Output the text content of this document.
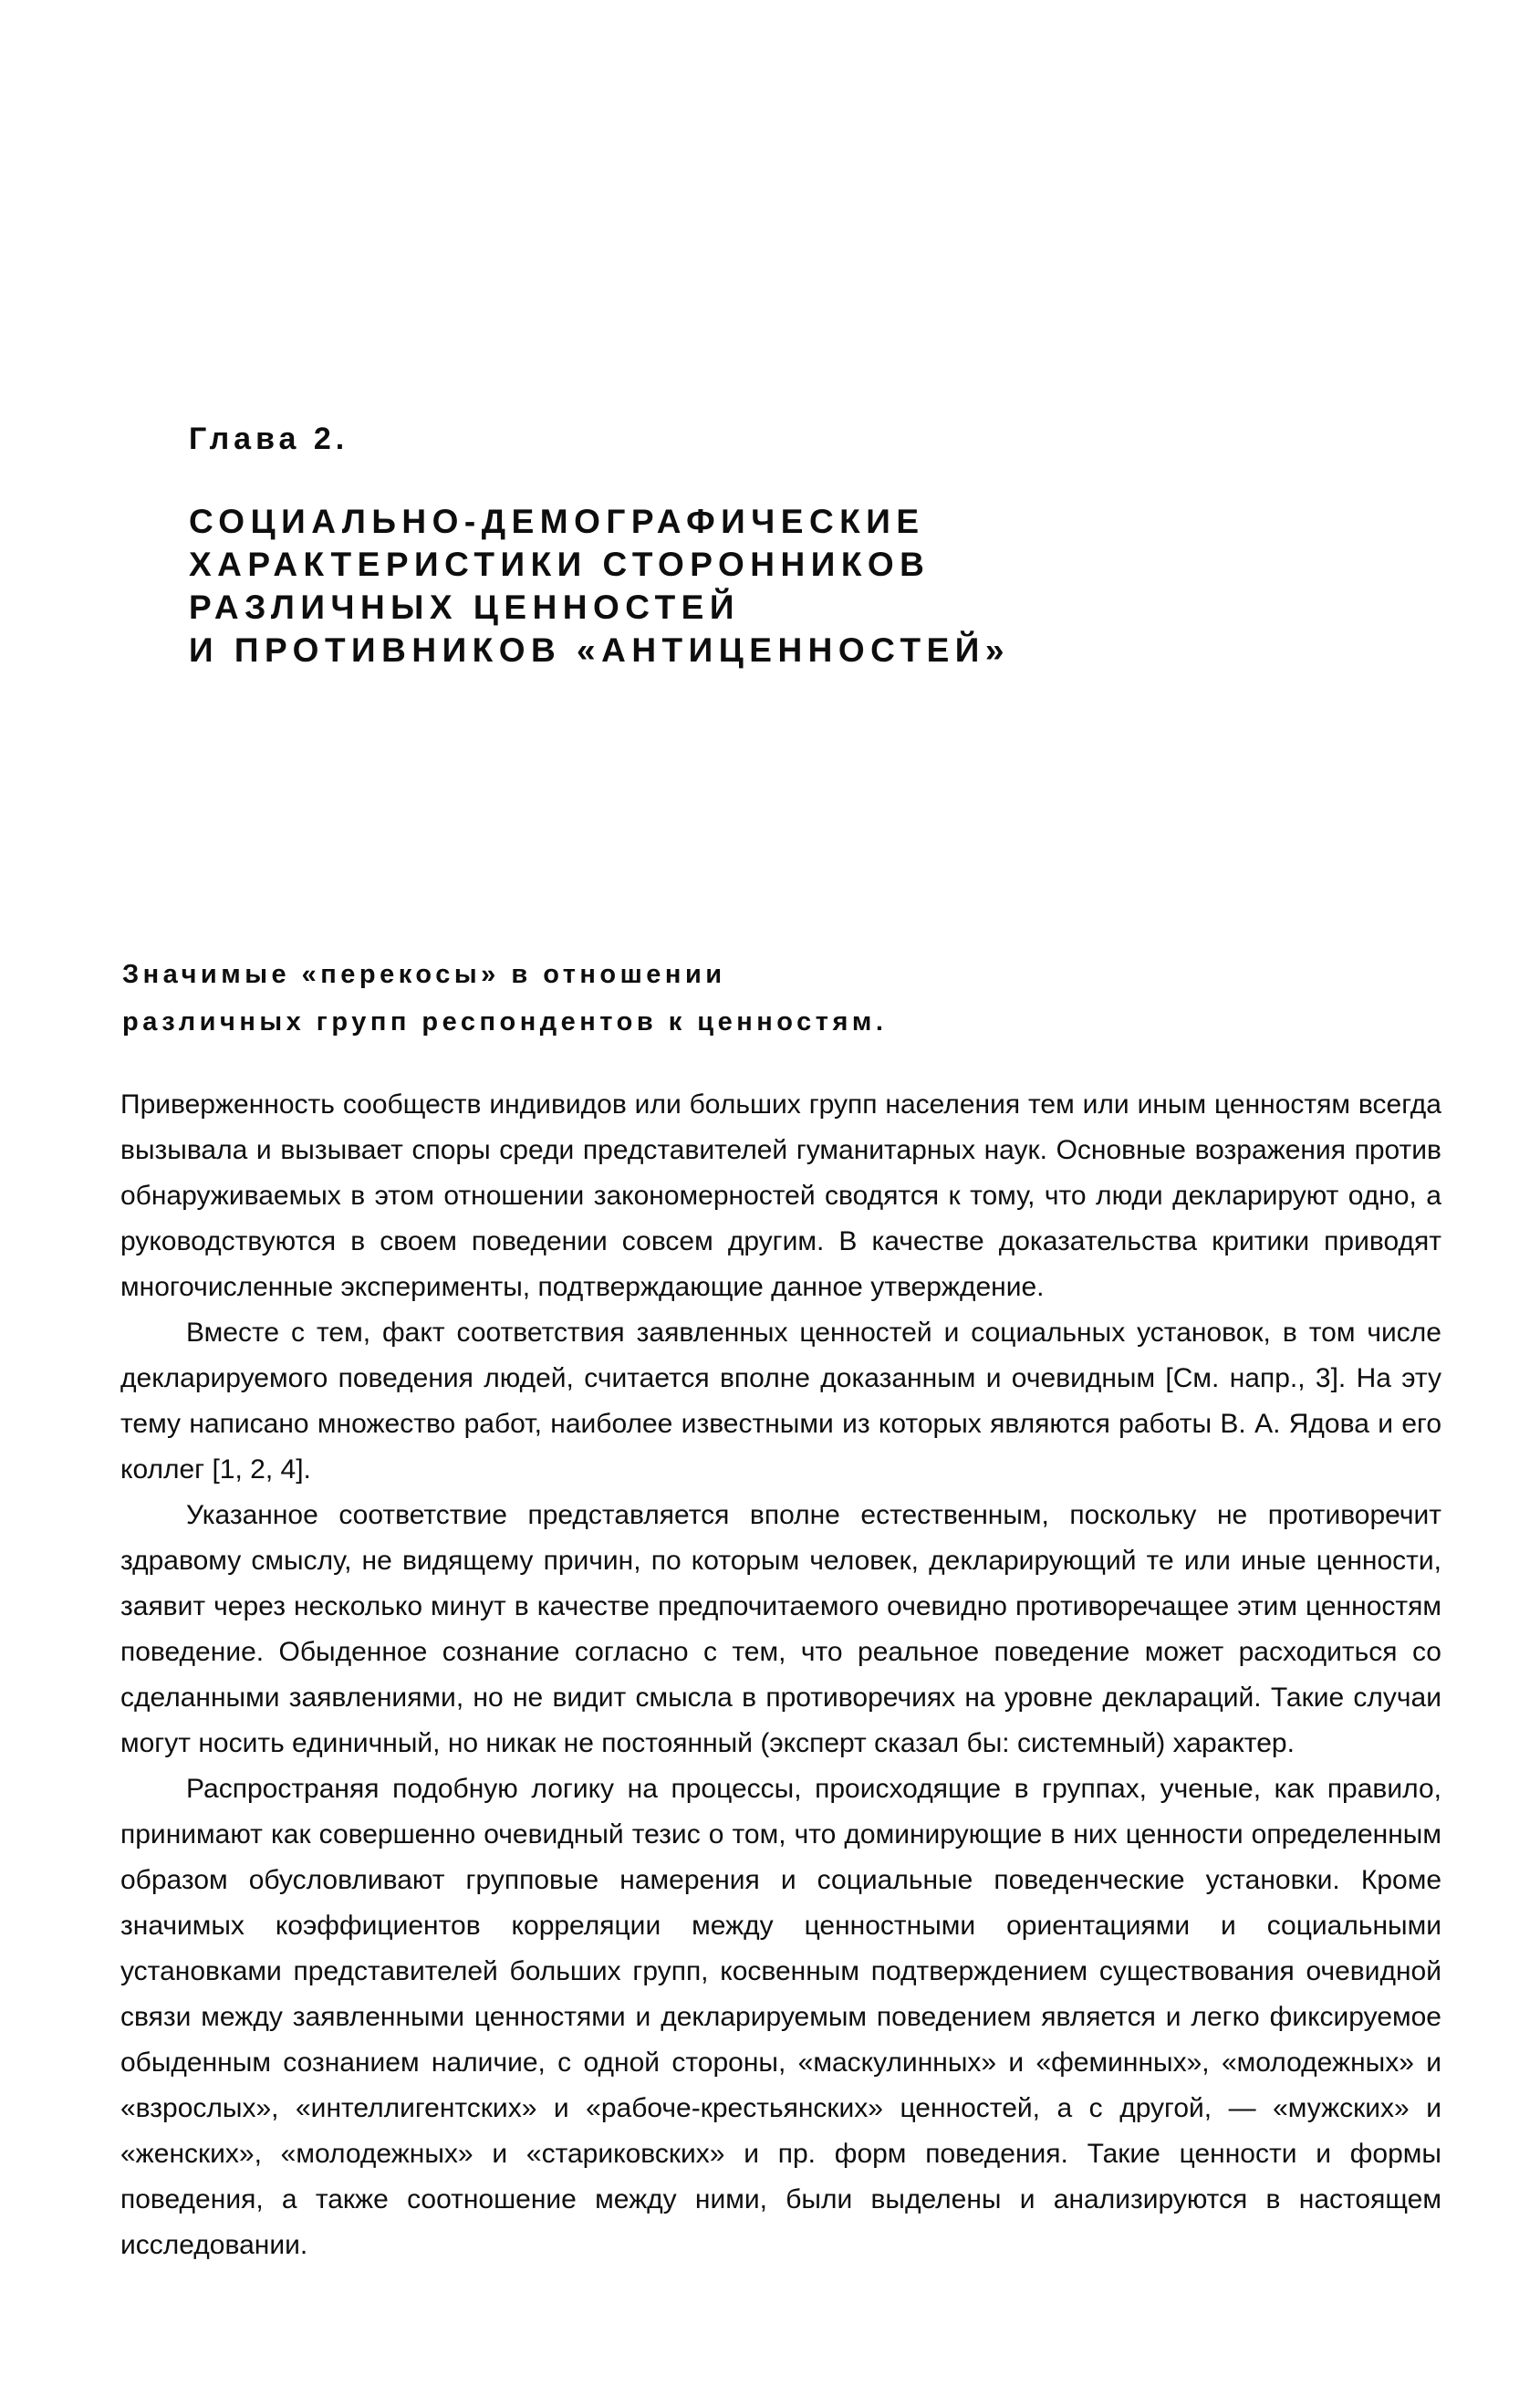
Глава 2.
СОЦИАЛЬНО-ДЕМОГРАФИЧЕСКИЕ
ХАРАКТЕРИСТИКИ СТОРОННИКОВ
РАЗЛИЧНЫХ ЦЕННОСТЕЙ
И ПРОТИВНИКОВ «АНТИЦЕННОСТЕЙ»
Значимые «перекосы» в отношении
различных групп респондентов к ценностям.

Приверженность сообществ индивидов или больших групп населения тем или иным ценностям всегда вызывала и вызывает споры среди представителей гуманитарных наук. Основные возражения против обнаруживаемых в этом отношении закономерностей сводятся к тому, что люди декларируют одно, а руководствуются в своем поведении совсем другим. В качестве доказательства критики приводят многочисленные эксперименты, подтверждающие данное утверждение.

Вместе с тем, факт соответствия заявленных ценностей и социальных установок, в том числе декларируемого поведения людей, считается вполне доказанным и очевидным [См. напр., 3]. На эту тему написано множество работ, наиболее известными из которых являются работы В. А. Ядова и его коллег [1, 2, 4].

Указанное соответствие представляется вполне естественным, поскольку не противоречит здравому смыслу, не видящему причин, по которым человек, декларирующий те или иные ценности, заявит через несколько минут в качестве предпочитаемого очевидно противоречащее этим ценностям поведение. Обыденное сознание согласно с тем, что реальное поведение может расходиться со сделанными заявлениями, но не видит смысла в противоречиях на уровне деклараций. Такие случаи могут носить единичный, но никак не постоянный (эксперт сказал бы: системный) характер.

Распространяя подобную логику на процессы, происходящие в группах, ученые, как правило, принимают как совершенно очевидный тезис о том, что доминирующие в них ценности определенным образом обусловливают групповые намерения и социальные поведенческие установки. Кроме значимых коэффициентов корреляции между ценностными ориентациями и социальными установками представителей больших групп, косвенным подтверждением существования очевидной связи между заявленными ценностями и декларируемым поведением является и легко фиксируемое обыденным сознанием наличие, с одной стороны, «маскулинных» и «феминных», «молодежных» и «взрослых», «интеллигентских» и «рабоче-крестьянских» ценностей, а с другой, — «мужских» и «женских», «молодежных» и «стариковских» и пр. форм поведения. Такие ценности и формы поведения, а также соотношение между ними, были выделены и анализируются в настоящем исследовании.
